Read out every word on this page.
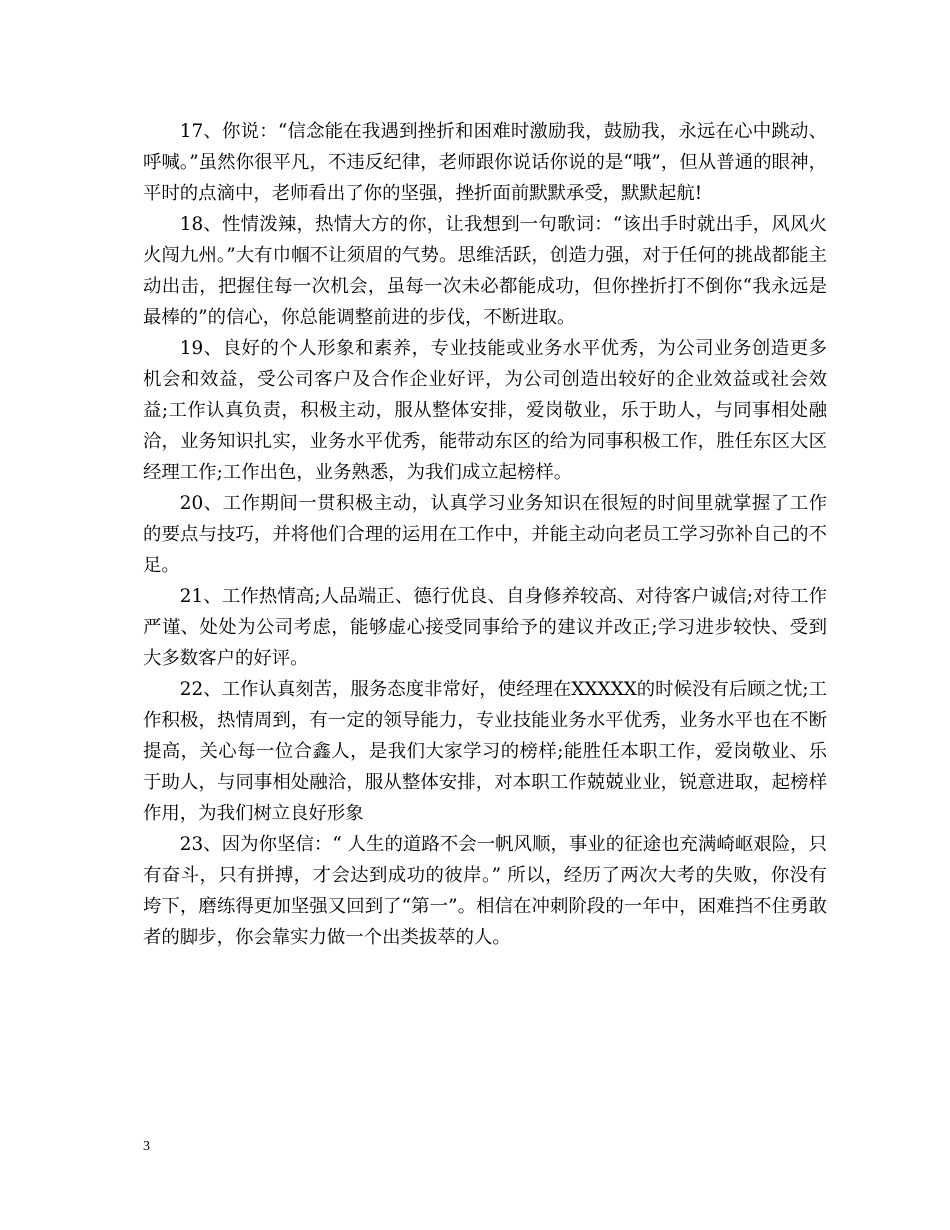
17、你说：“信念能在我遇到挫折和困难时激励我，鼓励我，永远在心中跳动、呼喊。”虽然你很平凡，不违反纪律，老师跟你说话你说的是“哦”，但从普通的眼神，平时的点滴中，老师看出了你的坚强，挫折面前默默承受，默默起航!

18、性情泼辣，热情大方的你，让我想到一句歌词：“该出手时就出手，风风火火闯九州。”大有巾帼不让须眉的气势。思维活跃，创造力强，对于任何的挑战都能主动出击，把握住每一次机会，虽每一次未必都能成功，但你挫折打不倒你“我永远是最棒的”的信心，你总能调整前进的步伐，不断进取。

19、良好的个人形象和素养，专业技能或业务水平优秀，为公司业务创造更多机会和效益，受公司客户及合作企业好评，为公司创造出较好的企业效益或社会效益;工作认真负责，积极主动，服从整体安排，爱岗敬业，乐于助人，与同事相处融洽，业务知识扎实，业务水平优秀，能带动东区的给为同事积极工作，胜任东区大区经理工作;工作出色，业务熟悉，为我们成立起榜样。

20、工作期间一贯积极主动，认真学习业务知识在很短的时间里就掌握了工作的要点与技巧，并将他们合理的运用在工作中，并能主动向老员工学习弥补自己的不足。

21、工作热情高;人品端正、德行优良、自身修养较高、对待客户诚信;对待工作严谨、处处为公司考虑，能够虚心接受同事给予的建议并改正;学习进步较快、受到大多数客户的好评。

22、工作认真刻苦，服务态度非常好，使经理在XXXXX的时候没有后顾之忧;工作积极，热情周到，有一定的领导能力，专业技能业务水平优秀，业务水平也在不断提高，关心每一位合鑫人，是我们大家学习的榜样;能胜任本职工作，爱岗敬业、乐于助人，与同事相处融洽，服从整体安排，对本职工作兢兢业业，锐意进取，起榜样作用，为我们树立良好形象

23、因为你坚信：“ 人生的道路不会一帆风顺，事业的征途也充满崎岖艰险，只有奋斗，只有拼搏，才会达到成功的彼岸。” 所以，经历了两次大考的失败，你没有垮下，磨练得更加坚强又回到了“第一”。相信在冲刺阶段的一年中，困难挡不住勇敢者的脚步，你会靠实力做一个出类拔萃的人。

3
